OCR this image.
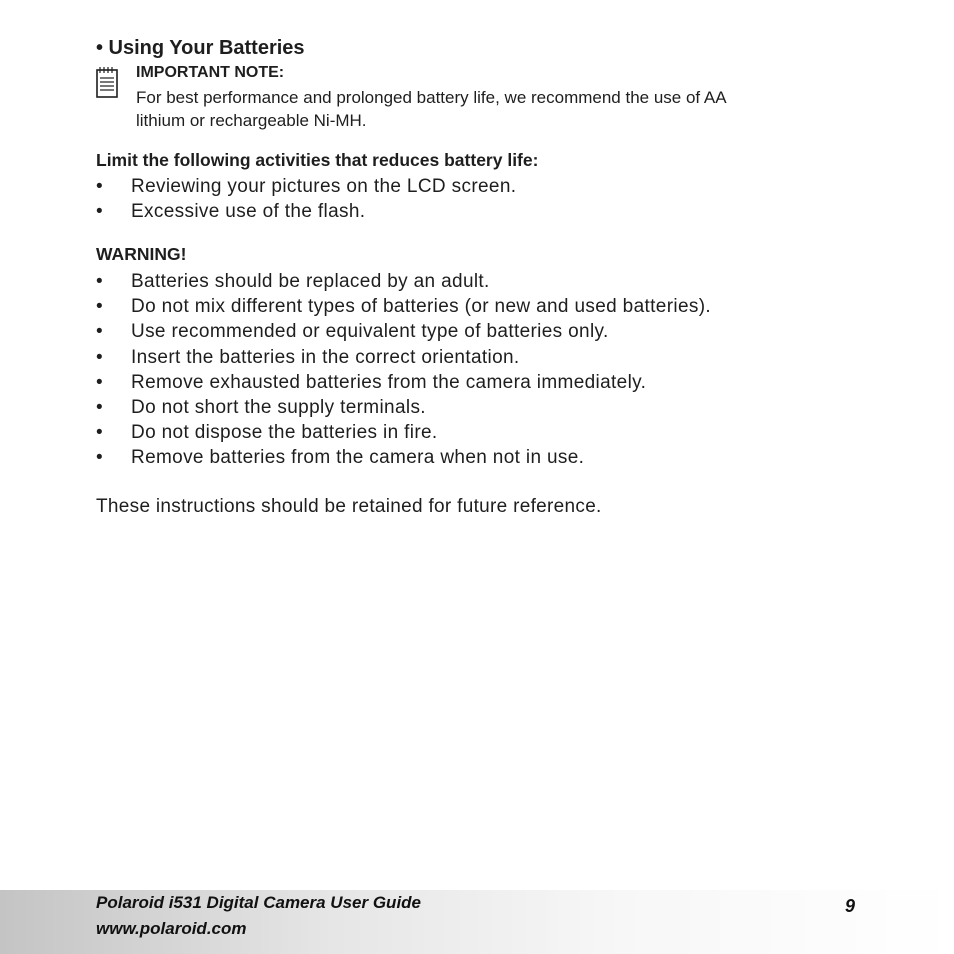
• Using Your Batteries
IMPORTANT NOTE:
For best performance and prolonged battery life, we recommend the use of AA
lithium or rechargeable Ni-MH.
Limit the following activities that reduces battery life:
• Reviewing your pictures on the LCD screen.
• Excessive use of the flash.
WARNING!
• Batteries should be replaced by an adult.
• Do not mix different types of batteries (or new and used batteries).
• Use recommended or equivalent type of batteries only.
• Insert the batteries in the correct orientation.
• Remove exhausted batteries from the camera immediately.
• Do not short the supply terminals.
• Do not dispose the batteries in fire.
• Remove batteries from the camera when not in use.
These instructions should be retained for future reference.
Polaroid i531 Digital Camera User Guide
www.polaroid.com
9
